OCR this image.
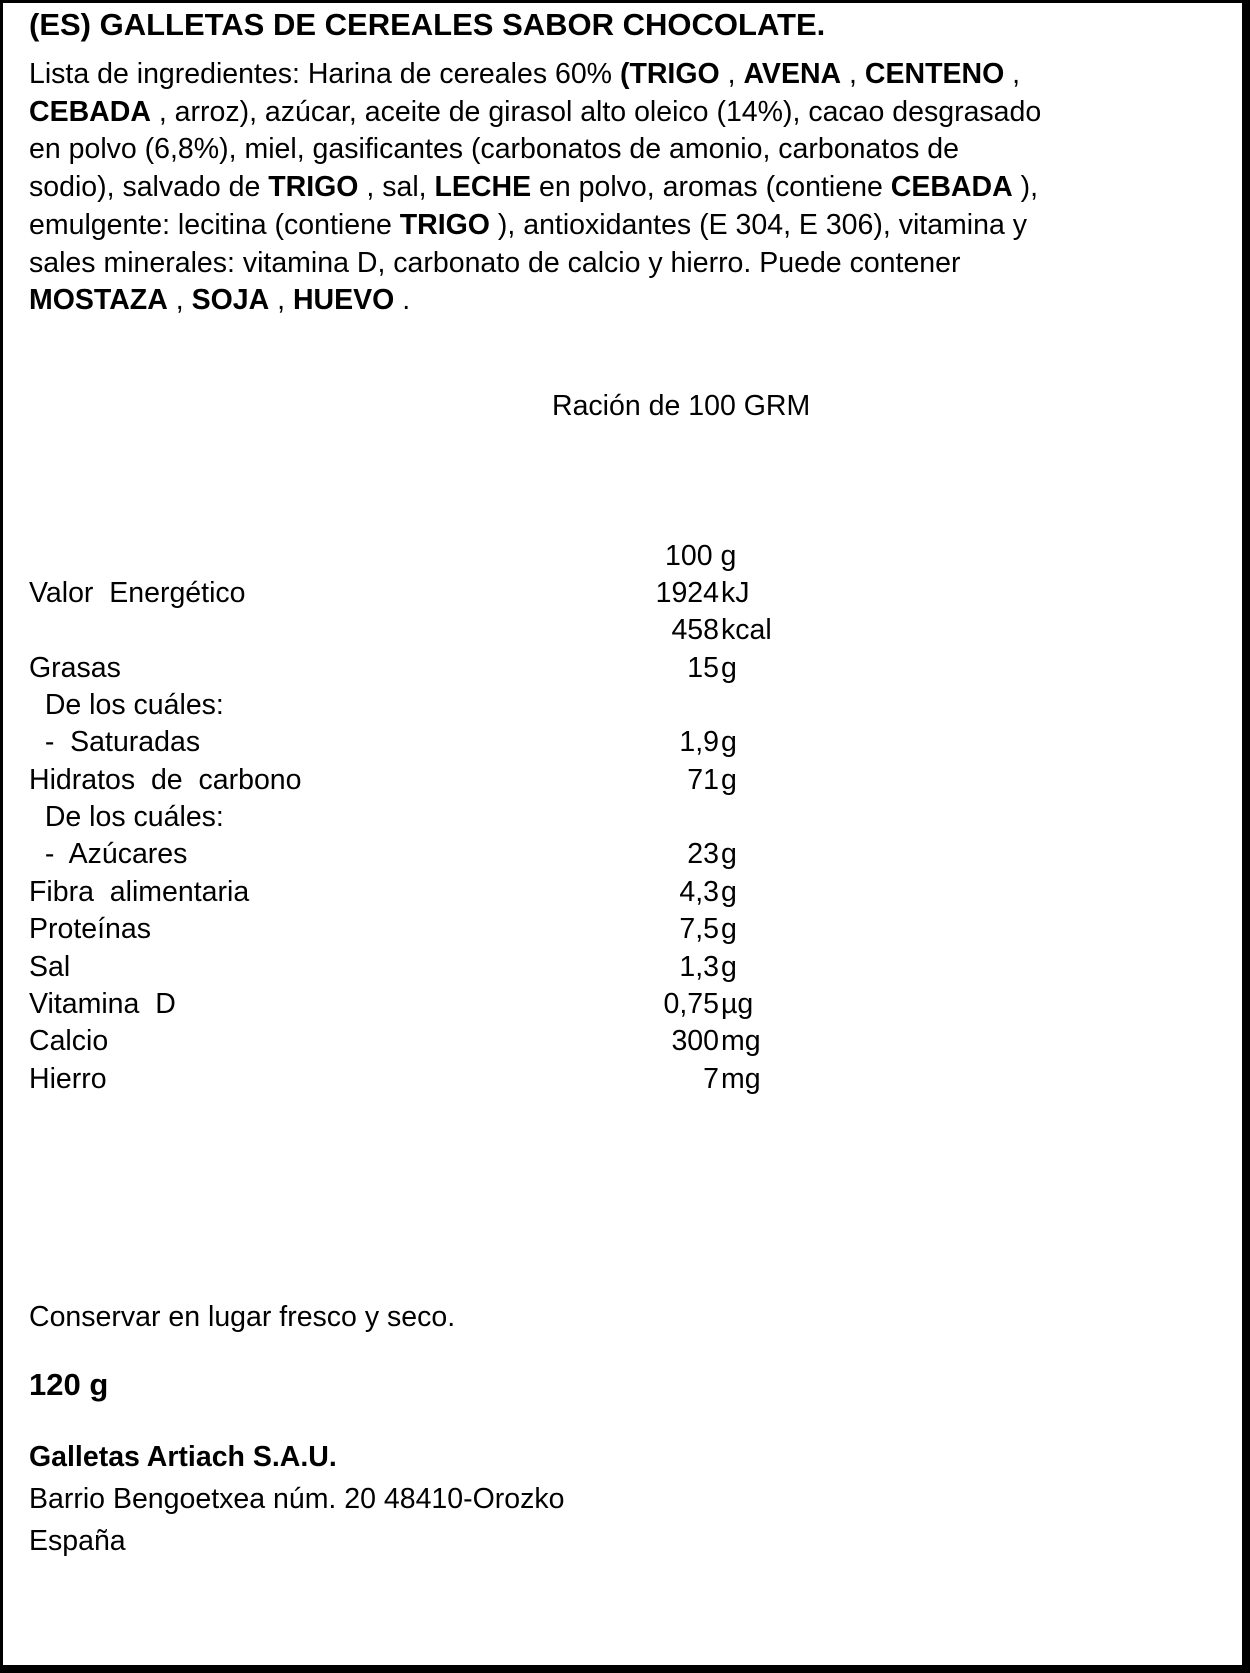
(ES) GALLETAS DE CEREALES SABOR CHOCOLATE.
Lista de ingredientes: Harina de cereales 60% (TRIGO , AVENA , CENTENO ,
CEBADA , arroz), azúcar, aceite de girasol alto oleico (14%), cacao desgrasado
en polvo (6,8%), miel, gasificantes (carbonatos de amonio, carbonatos de
sodio), salvado de TRIGO , sal, LECHE en polvo, aromas (contiene CEBADA ),
emulgente: lecitina (contiene TRIGO ), antioxidantes (E 304, E 306), vitamina y
sales minerales: vitamina D, carbonato de calcio y hierro. Puede contener
MOSTAZA , SOJA , HUEVO .
Ración de 100 GRM
100 g
Valor  Energético	1924 kJ
458 kcal
Grasas	15 g
De los cuáles:
-  Saturadas	1,9 g
Hidratos  de  carbono	71 g
De los cuáles:
-  Azúcares	23 g
Fibra  alimentaria	4,3 g
Proteínas	7,5 g
Sal	1,3 g
Vitamina  D	0,75 µg
Calcio	300 mg
Hierro	7 mg
Conservar en lugar fresco y seco.
120 g
Galletas Artiach S.A.U.
Barrio Bengoetxea núm. 20 48410-Orozko
España
